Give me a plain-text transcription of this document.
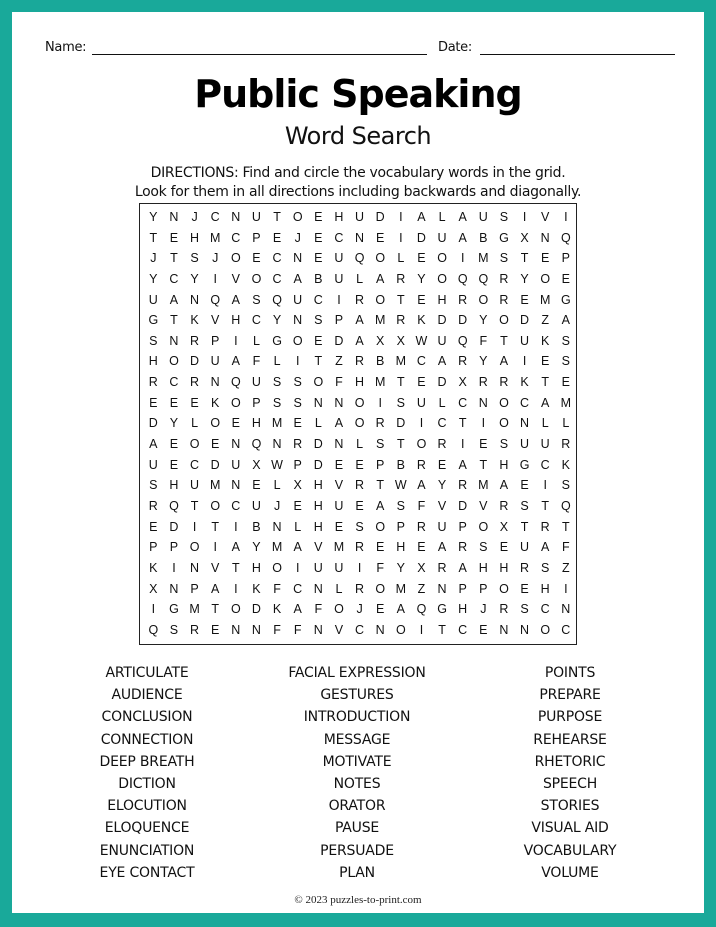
Name:	Date:
Public Speaking
Word Search
DIRECTIONS: Find and circle the vocabulary words in the grid.
Look for them in all directions including backwards and diagonally.
Y N	J	C N U T O E H U D	I	A	L	A U S	I	V	I
T	E H M C P E	J	E C N E	I	D U A B G X N Q
J	T	S	J	O E C N E U Q O L	E O	I	M S	T	E P
Y C Y	I	V O C A B U	L	A R Y O Q Q R Y O E
U A N Q A S Q U C	I	R O T	E H R O R E M G
G T	K V H C Y N S P A M R K D D Y O D Z	A
S N R P	I	L G O E D A X X W U Q F	T U K S
H O D U A	F	L	I	T	Z R B M C A R Y A	I	E S
R C R N Q U S S O F H M T	E D X R R K	T	E
E E E K O P S S N N O	I	S U	L	C N O C A M
D Y	L O E H M E	L	A O R D	I	C T	I	O N	L	L
A E O E N Q N R D N	L	S	T O R	I	E S U U R
U E C D U X W P D E E P B R E A	T H G C K
S H U M N E	L	X H V R T W A Y R M A E	I	S
R Q T O C U	J	E H U E A S	F	V D V R S	T Q
E D	I	T	I	B N	L	H E S O P R U P O X	T R T
P P O	I	A Y M A V M R E H E A R S E U A	F
K	I	N V	T H O	I	U U	I	F	Y X R A H H R S	Z
X N P A	I	K	F C N	L	R O M Z N P P O E H	I
I	G M T O D K A	F O	J	E A Q G H	J	R S C N
Q S R E N N F	F N V C N O	I	T C E N N O C
ARTICULATE
AUDIENCE
CONCLUSION
CONNECTION
DEEP BREATH
DICTION
ELOCUTION
ELOQUENCE
ENUNCIATION
EYE CONTACT
FACIAL EXPRESSION
GESTURES
INTRODUCTION
MESSAGE
MOTIVATE
NOTES
ORATOR
PAUSE
PERSUADE
PLAN
POINTS
PREPARE
PURPOSE
REHEARSE
RHETORIC
SPEECH
STORIES
VISUAL AID
VOCABULARY
VOLUME
© 2023 puzzles-to-print.com
